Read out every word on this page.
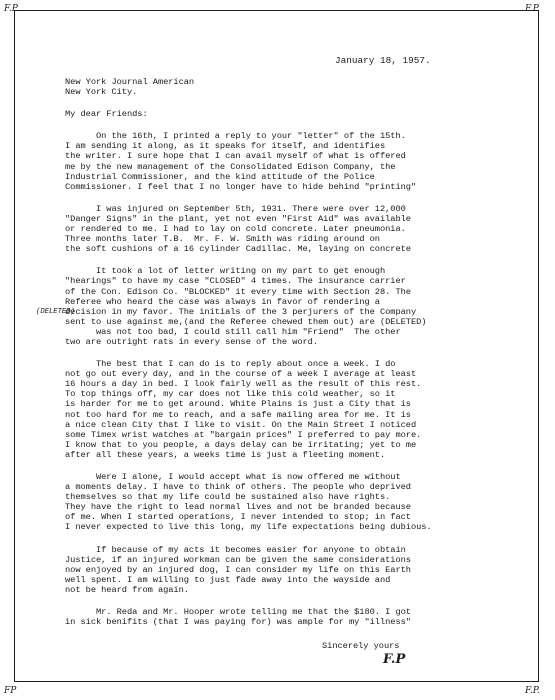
F.P.	F.P.
FP	F.P.
January 18, 1957.

New York Journal American

New York City.

My dear Friends:

On the 16th, I printed a reply to your "letter" of the 15th.

I am sending it along, as it speaks for itself, and identifies

the writer. I sure hope that I can avail myself of what is offered

me by the new management of the Consolidated Edison Company, the

Industrial Commissioner, and the kind attitude of the Police

Commissioner. I feel that I no longer have to hide behind "printing"

I was injured on September 5th, 1931. There were over 12,000

"Danger Signs" in the plant, yet not even "First Aid" was available

or rendered to me. I had to lay on cold concrete. Later pneumonia.

Three months later T.B.  Mr. F. W. Smith was riding around on

the soft cushions of a 16 cylinder Cadillac. Me, laying on concrete

It took a lot of letter writing on my part to get enough

"hearings" to have my case "CLOSED" 4 times. The insurance carrier

of the Con. Edison Co. "BLOCKED" it every time with Section 28. The

Referee who heard the case was always in favor of rendering a

decision in my favor. The initials of the 3 perjurers of the Company

sent to use against me,(and the Referee chewed them out) are (DELETED)

was not too bad, I could still call him "Friend"  The other

two are outright rats in every sense of the word.

The best that I can do is to reply about once a week. I do

not go out every day, and in the course of a week I average at least

16 hours a day in bed. I look fairly well as the result of this rest.

To top things off, my car does not like this cold weather, so it

is harder for me to get around. White Plains is just a City that is

not too hard for me to reach, and a safe mailing area for me. It is

a nice clean City that I like to visit. On the Main Street I noticed

some Timex wrist watches at "bargain prices" I preferred to pay more.

I know that to you people, a days delay can be irritating; yet to me

after all these years, a weeks time is just a fleeting moment.

Were I alone, I would accept what is now offered me without

a moments delay. I have to think of others. The people who deprived

themselves so that my life could be sustained also have rights.

They have the right to lead normal lives and not be branded because

of me. When I started operations, I never intended to stop; in fact

I never expected to live this long, my life expectations being dubious.

If because of my acts it becomes easier for anyone to obtain

Justice, if an injured workman can be given the same considerations

now enjoyed by an injured dog, I can consider my life on this Earth

well spent. I am willing to just fade away into the wayside and

not be heard from again.

Mr. Reda and Mr. Hooper wrote telling me that the $180. I got

in sick benifits (that I was paying for) was ample for my "illness"

Sincerely yours

(DELETED)
F.P
